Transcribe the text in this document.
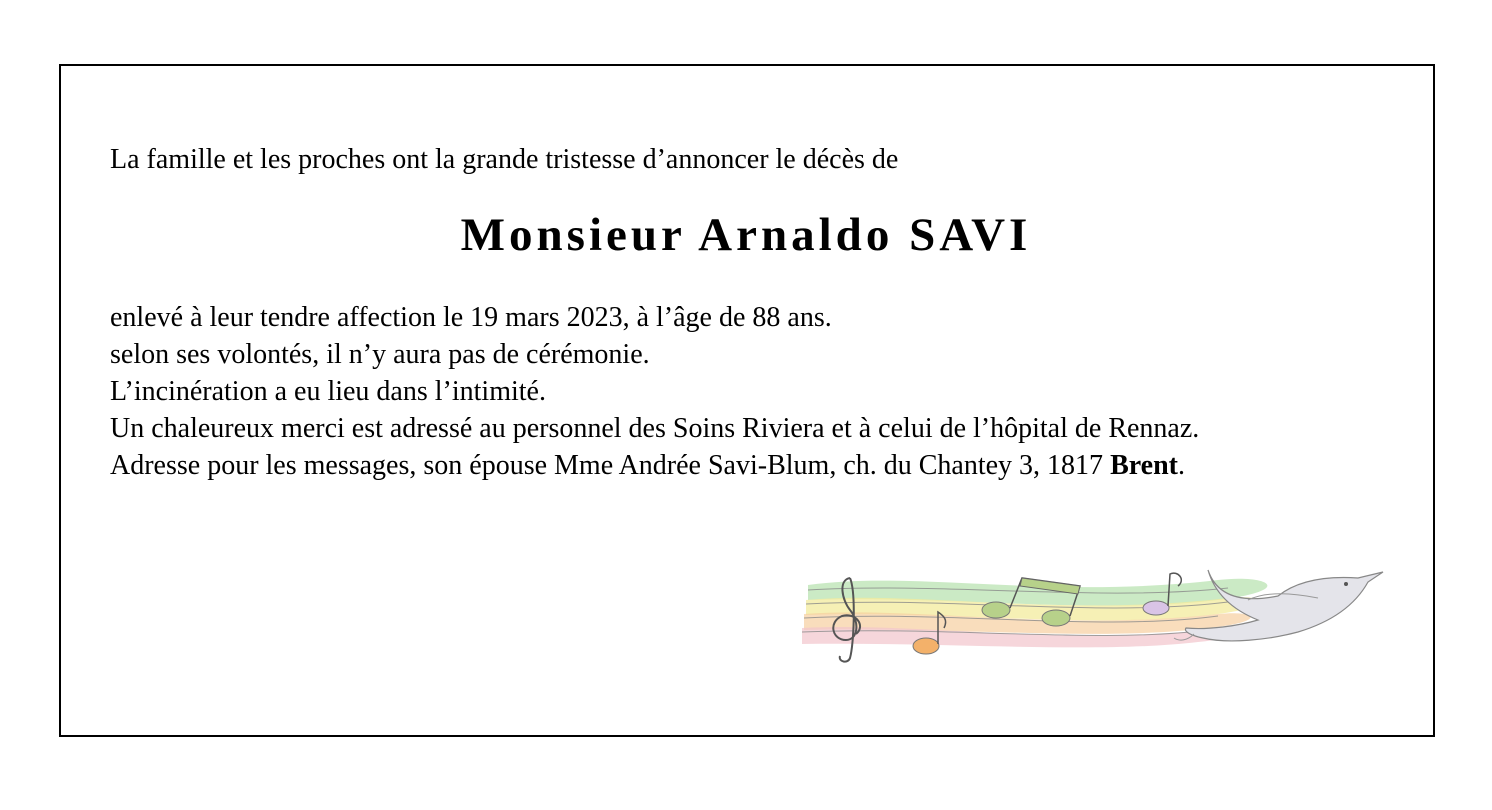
La famille et les proches ont la grande tristesse d’annoncer le décès de
Monsieur Arnaldo SAVI
enlevé à leur tendre affection le 19 mars 2023, à l’âge de 88 ans.
selon ses volontés, il n’y aura pas de cérémonie.
L’incinération a eu lieu dans l’intimité.
Un chaleureux merci est adressé au personnel des Soins Riviera et à celui de l’hôpital de Rennaz.
Adresse pour les messages, son épouse Mme Andrée Savi-Blum, ch. du Chantey 3, 1817 Brent.
